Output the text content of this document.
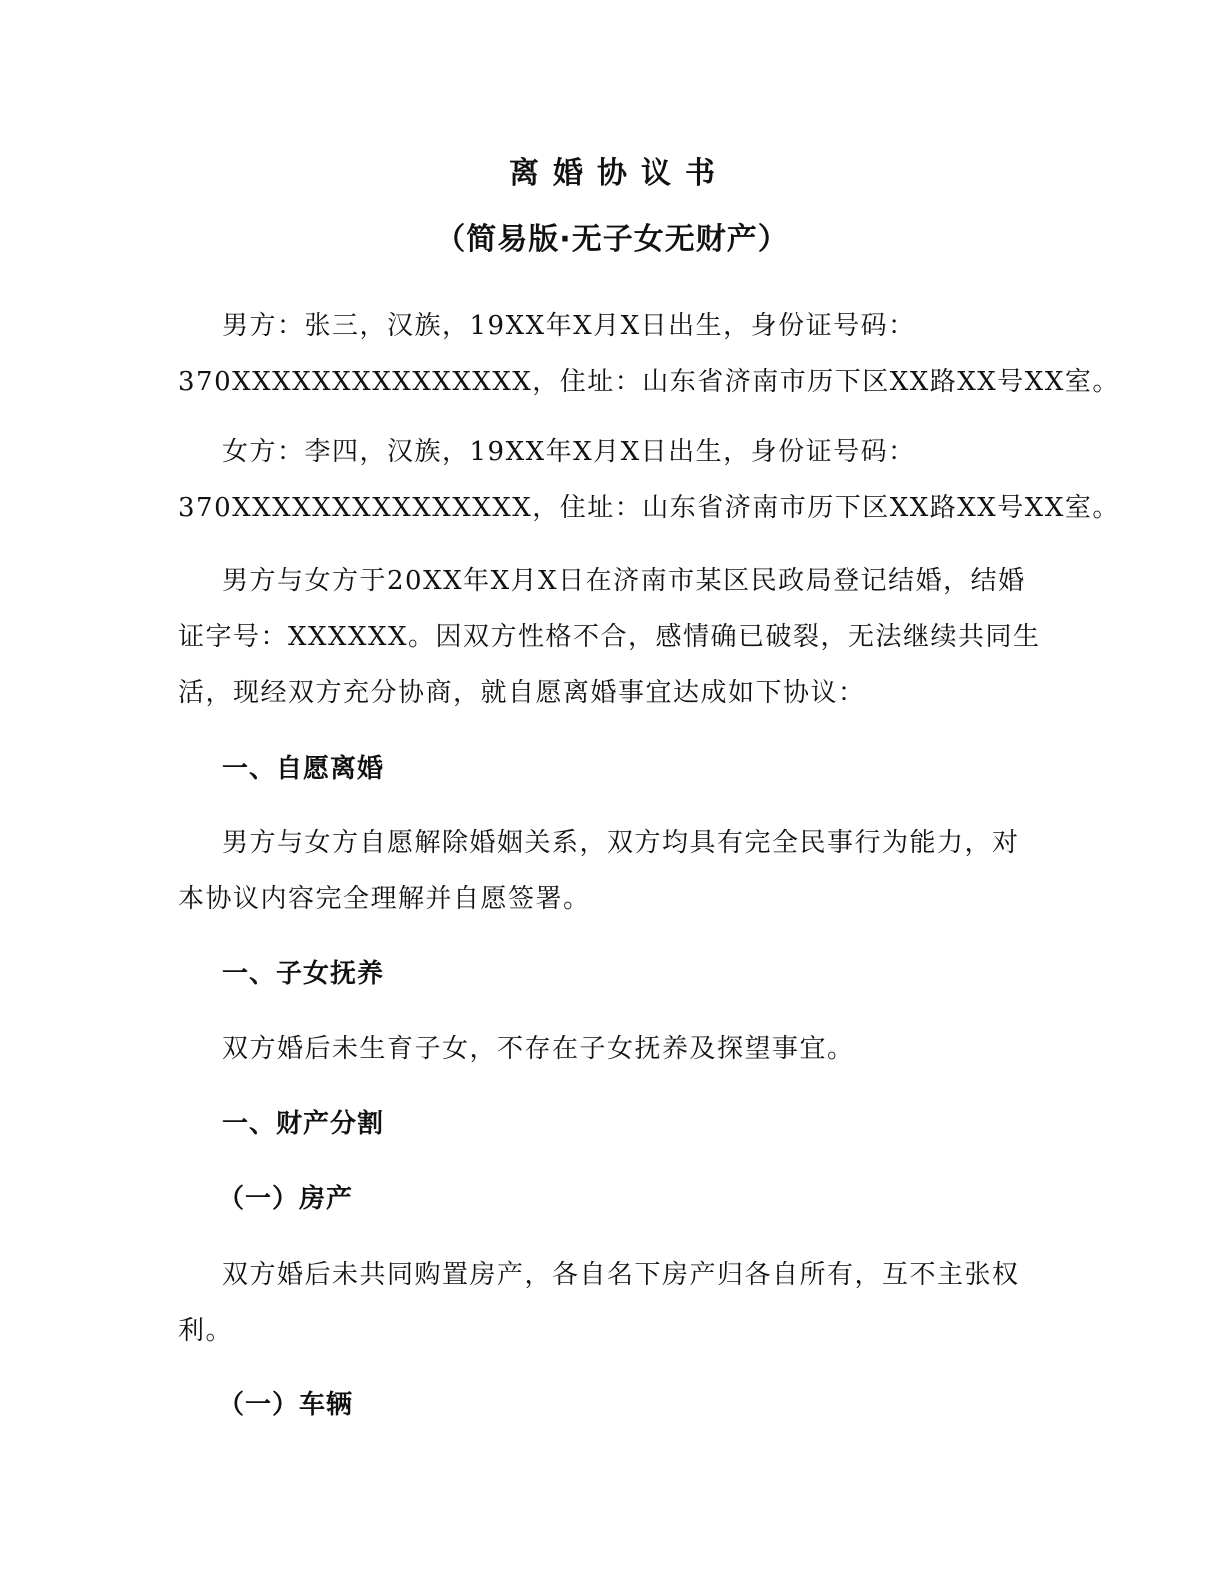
离婚协议书
（简易版·无子女无财产）

男方：张三，汉族，19XX年X月X日出生，身份证号码：
370XXXXXXXXXXXXXXX，住址：山东省济南市历下区XX路XX号XX室。

女方：李四，汉族，19XX年X月X日出生，身份证号码：
370XXXXXXXXXXXXXXX，住址：山东省济南市历下区XX路XX号XX室。

男方与女方于20XX年X月X日在济南市某区民政局登记结婚，结婚
证字号：XXXXXX。因双方性格不合，感情确已破裂，无法继续共同生
活，现经双方充分协商，就自愿离婚事宜达成如下协议：

一、自愿离婚

男方与女方自愿解除婚姻关系，双方均具有完全民事行为能力，对
本协议内容完全理解并自愿签署。

一、子女抚养

双方婚后未生育子女，不存在子女抚养及探望事宜。

一、财产分割
（一）房产

双方婚后未共同购置房产，各自名下房产归各自所有，互不主张权
利。

（一）车辆
